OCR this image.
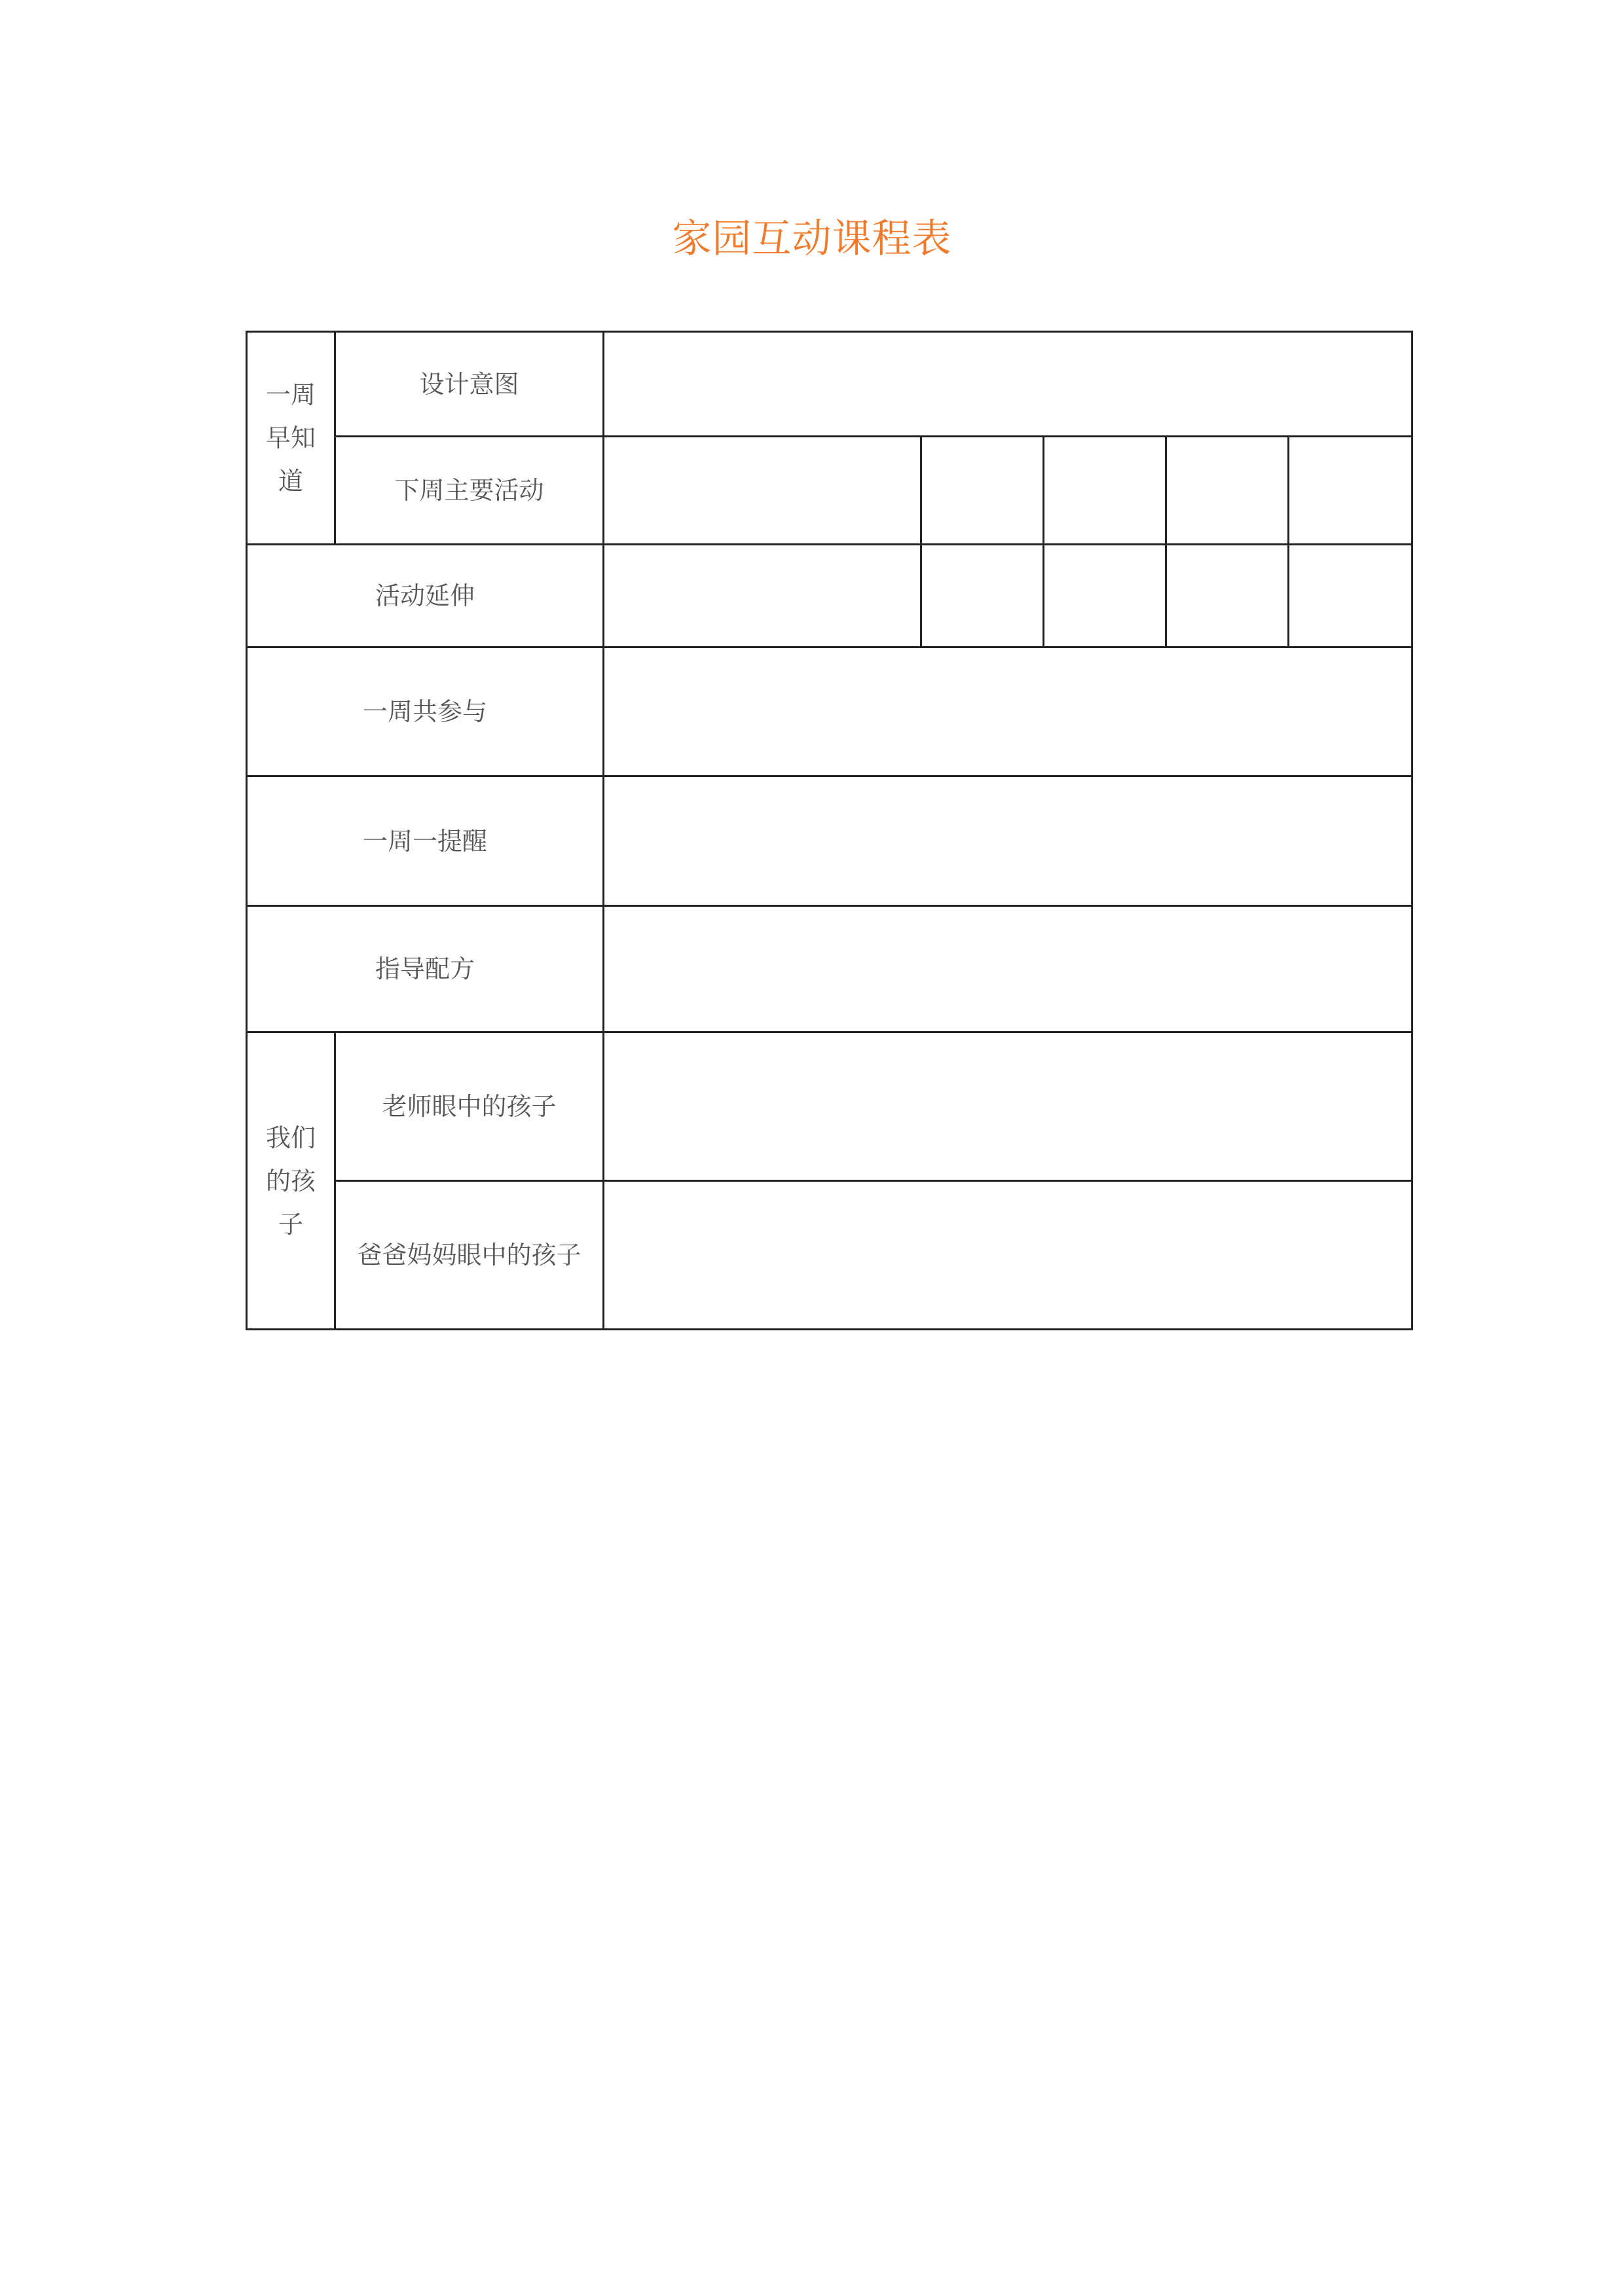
家园互动课程表
一周
早知
道	设计意图					
	下周主要活动					
活动延伸						
一周共参与						
一周一提醒						
指导配方						

我们
的孩
子	老师眼中的孩子					
	爸爸妈妈眼中的孩子					
